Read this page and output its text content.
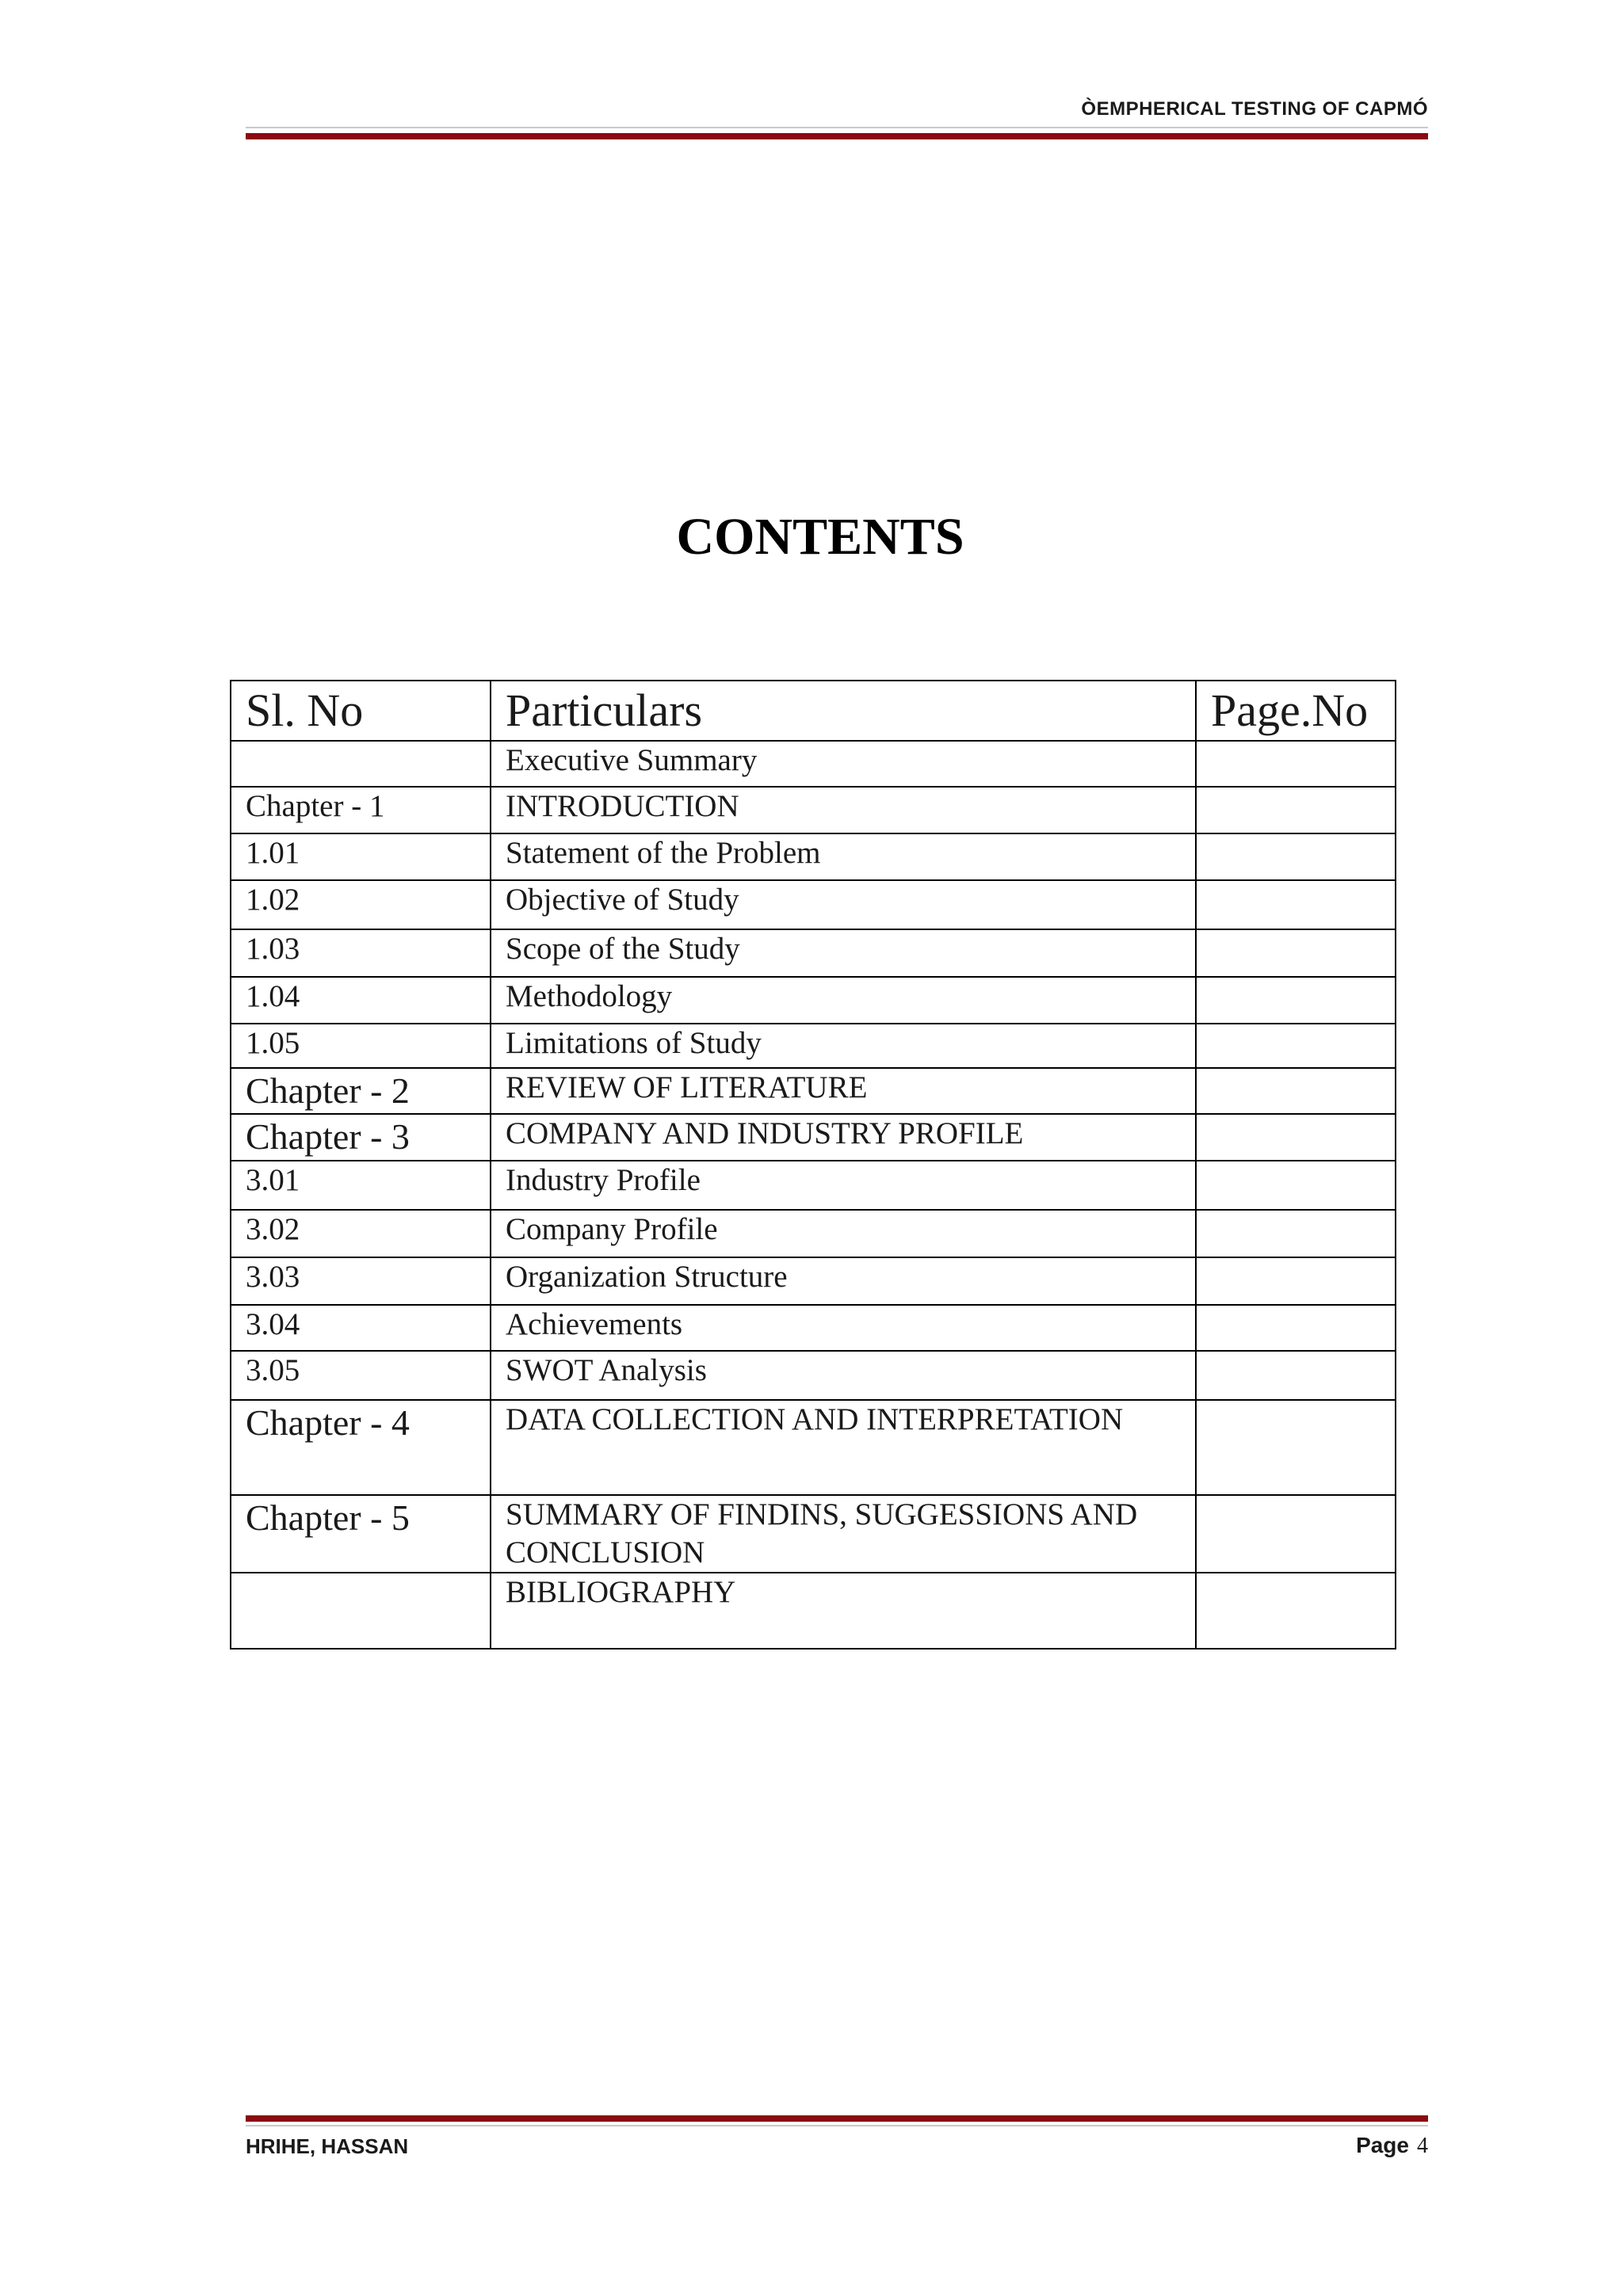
ÒEMPHERICAL TESTING OF CAPMÓ
CONTENTS
Sl. No	Particulars	Page.No
	Executive Summary	
Chapter - 1	INTRODUCTION	
1.01	Statement of the Problem	
1.02	Objective of Study	
1.03	Scope of the Study	
1.04	Methodology	
1.05	Limitations of Study	
Chapter - 2	REVIEW OF LITERATURE	
Chapter - 3	COMPANY AND INDUSTRY PROFILE	
3.01	Industry Profile	
3.02	Company Profile	
3.03	Organization Structure	
3.04	Achievements	
3.05	SWOT Analysis	
Chapter - 4	DATA COLLECTION AND INTERPRETATION	
Chapter - 5	SUMMARY OF FINDINS, SUGGESSIONS AND CONCLUSION	
	BIBLIOGRAPHY	
HRIHE, HASSAN	Page 4
